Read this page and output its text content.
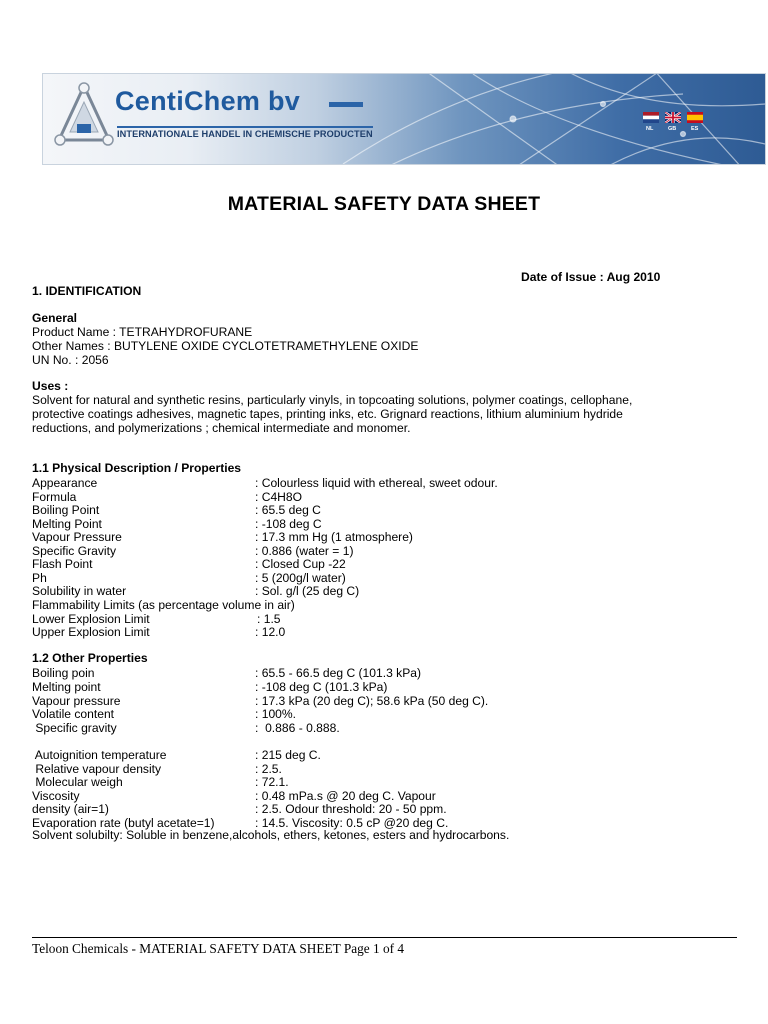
CentiChem bv
INTERNATIONALE HANDEL IN CHEMISCHE PRODUCTEN	NL	GB	ES
MATERIAL SAFETY DATA SHEET
Date of Issue : Aug 2010
1. IDENTIFICATION
General
Product Name : TETRAHYDROFURANE
Other Names : BUTYLENE OXIDE CYCLOTETRAMETHYLENE OXIDE
UN No. : 2056
Uses :
Solvent for natural and synthetic resins, particularly vinyls, in topcoating solutions, polymer coatings, cellophane,
protective coatings adhesives, magnetic tapes, printing inks, etc. Grignard reactions, lithium aluminium hydride
reductions, and polymerizations ; chemical intermediate and monomer.
1.1 Physical Description / Properties
Appearance	: Colourless liquid with ethereal, sweet odour.
Formula	: C4H8O
Boiling Point	: 65.5 deg C
Melting Point	: -108 deg C
Vapour Pressure	: 17.3 mm Hg (1 atmosphere)
Specific Gravity	: 0.886 (water = 1)
Flash Point	: Closed Cup -22
Ph	: 5 (200g/l water)
Solubility in water	: Sol. g/l (25 deg C)
Flammability Limits (as percentage volume in air)
Lower Explosion Limit	: 1.5
Upper Explosion Limit	: 12.0
1.2 Other Properties
Boiling poin	: 65.5 - 66.5 deg C (101.3 kPa)
Melting point	: -108 deg C (101.3 kPa)
Vapour pressure	: 17.3 kPa (20 deg C); 58.6 kPa (50 deg C).
Volatile content	: 100%.
Specific gravity	:  0.886 - 0.888.
Autoignition temperature	: 215 deg C.
Relative vapour density	: 2.5.
Molecular weigh	: 72.1.
Viscosity	: 0.48 mPa.s @ 20 deg C. Vapour
density (air=1)	: 2.5. Odour threshold: 20 - 50 ppm.
Evaporation rate (butyl acetate=1)	: 14.5. Viscosity: 0.5 cP @20 deg C.
Solvent solubilty: Soluble in benzene,alcohols, ethers, ketones, esters and hydrocarbons.
Teloon Chemicals - MATERIAL SAFETY DATA SHEET Page 1 of 4
